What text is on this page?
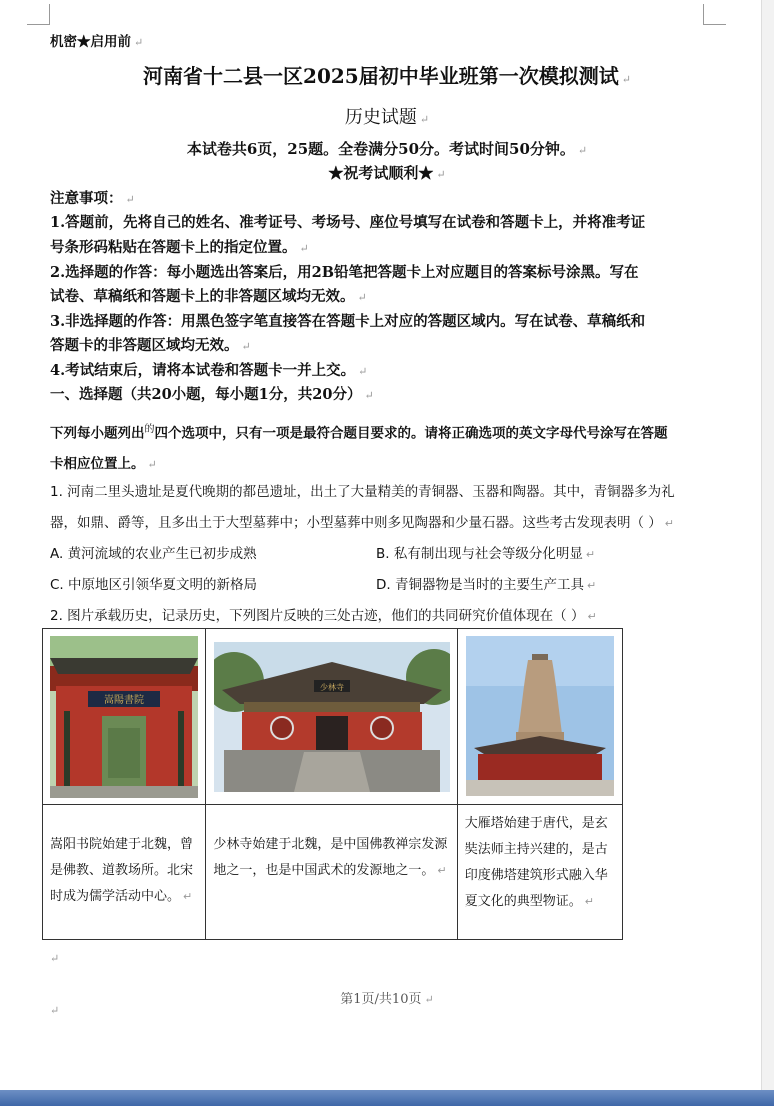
机密★启用前 ↵
河南省十二县一区2025届初中毕业班第一次模拟测试 ↵
历史试题 ↵
本试卷共6页，25题。全卷满分50分。考试时间50分钟。 ↵
★祝考试顺利★ ↵
注意事项： ↵
1.答题前，先将自己的姓名、准考证号、考场号、座位号填写在试卷和答题卡上，并将准考证
号条形码粘贴在答题卡上的指定位置。 ↵
2.选择题的作答：每小题选出答案后，用2B铅笔把答题卡上对应题目的答案标号涂黑。写在
试卷、草稿纸和答题卡上的非答题区域均无效。 ↵
3.非选择题的作答：用黑色签字笔直接答在答题卡上对应的答题区域内。写在试卷、草稿纸和
答题卡的非答题区域均无效。 ↵
4.考试结束后，请将本试卷和答题卡一并上交。 ↵
一、选择题（共20小题，每小题1分，共20分） ↵
下列每小题列出$^的$四个选项中，只有一项是最符合题目要求的。请将正确选项的英文字母代号涂写在答题
卡相应位置上。 ↵
1. 河南二里头遗址是夏代晚期的都邑遗址，出土了大量精美的青铜器、玉器和陶器。其中，青铜器多为礼
器，如鼎、爵等，且多出土于大型墓葬中；小型墓葬中则多见陶器和少量石器。这些考古发现表明（ ） ↵
A. 黄河流域的农业产生已初步成熟	B. 私有制出现与社会等级分化明显 ↵
C. 中原地区引领华夏文明的新格局	D. 青铜器物是当时的主要生产工具 ↵
2. 图片承载历史，记录历史，下列图片反映的三处古迹，他们的共同研究价值体现在（ ） ↵
嵩陽書院	少林寺

嵩阳书院始建于北魏，曾是佛教、道教场所。北宋时成为儒学活动中心。 ↵	少林寺始建于北魏，是中国佛教禅宗发源地之一，也是中国武术的发源地之一。 ↵	大雁塔始建于唐代，是玄奘法师主持兴建的，是古印度佛塔建筑形式融入华夏文化的典型物证。 ↵
↵
第1页/共10页 ↵
↵
